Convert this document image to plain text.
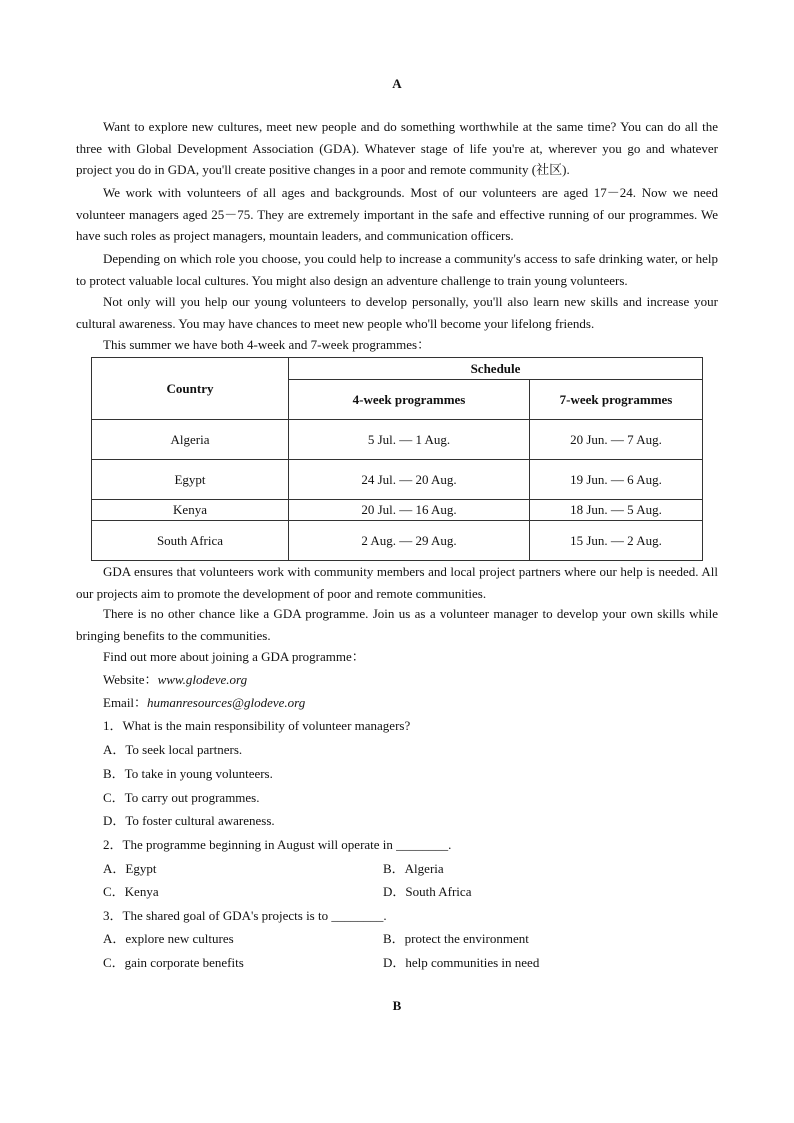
A

Want to explore new cultures, meet new people and do something worthwhile at the same time? You can do all the three with Global Development Association (GDA). Whatever stage of life you're at, wherever you go and whatever project you do in GDA, you'll create positive changes in a poor and remote community (社区).

We work with volunteers of all ages and backgrounds. Most of our volunteers are aged 17－24. Now we need volunteer managers aged 25－75. They are extremely important in the safe and effective running of our programmes. We have such roles as project managers, mountain leaders, and communication officers.

Depending on which role you choose, you could help to increase a community's access to safe drinking water, or help to protect valuable local cultures. You might also design an adventure challenge to train young volunteers.

Not only will you help our young volunteers to develop personally, you'll also learn new skills and increase your cultural awareness. You may have chances to meet new people who'll become your lifelong friends.

This summer we have both 4-week and 7-week programmes：

Country	Schedule	
	4-week programmes	7-week programmes
Algeria	5 Jul. — 1 Aug.	20 Jun. — 7 Aug.
Egypt	24 Jul. — 20 Aug.	19 Jun. — 6 Aug.
Kenya	20 Jul. — 16 Aug.	18 Jun. — 5 Aug.
South Africa	2 Aug. — 29 Aug.	15 Jun. — 2 Aug.

GDA ensures that volunteers work with community members and local project partners where our help is needed. All our projects aim to promote the development of poor and remote communities.

There is no other chance like a GDA programme. Join us as a volunteer manager to develop your own skills while bringing benefits to the communities.

Find out more about joining a GDA programme：

Website：www.glodeve.org

Email：humanresources@glodeve.org

1．What is the main responsibility of volunteer managers?
A．To seek local partners.
B．To take in young volunteers.
C．To carry out programmes.
D．To foster cultural awareness.
2．The programme beginning in August will operate in ________.
A．Egypt	B．Algeria
C．Kenya	D．South Africa
3．The shared goal of GDA's projects is to ________.
A．explore new cultures	B．protect the environment
C．gain corporate benefits	D．help communities in need
B
